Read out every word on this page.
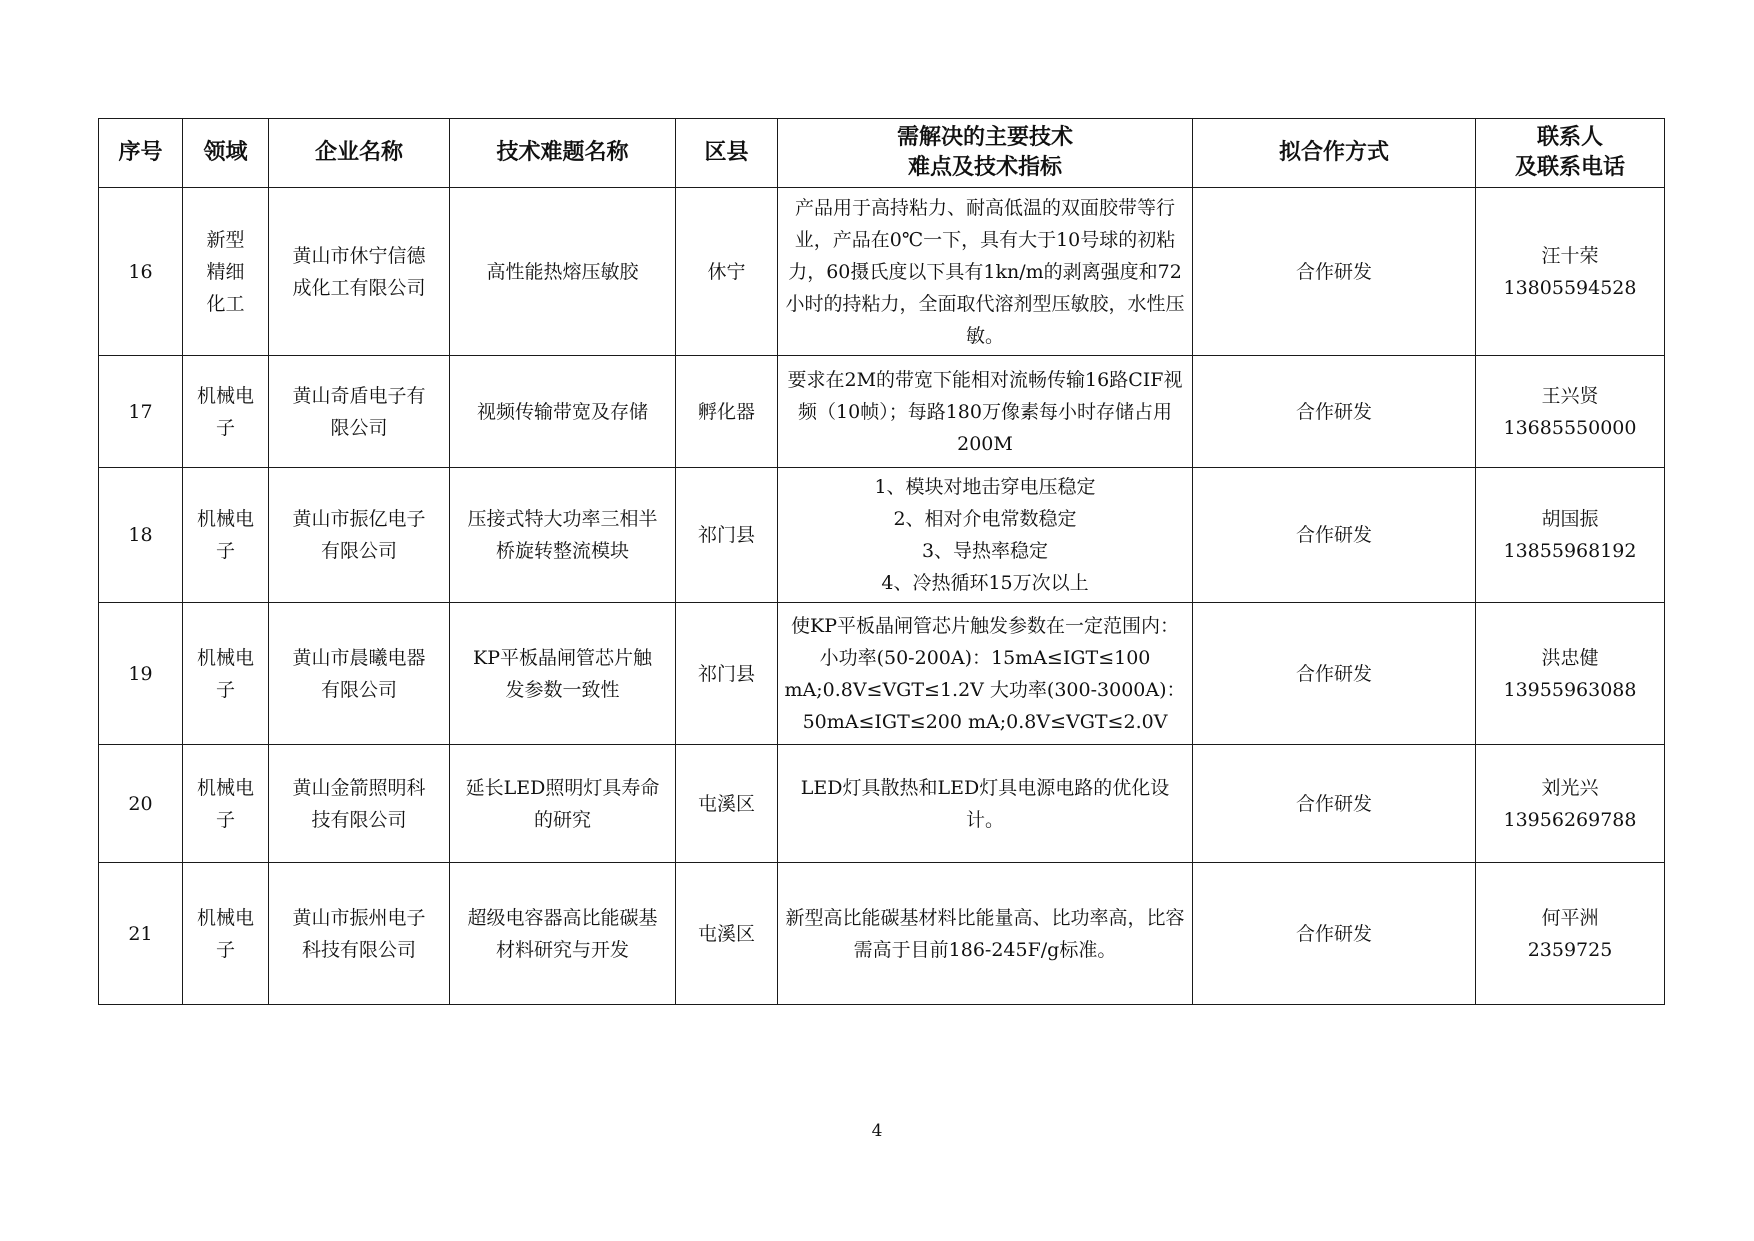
序号	领域	企业名称	技术难题名称	区县	需解决的主要技术
难点及技术指标	拟合作方式	联系人
及联系电话

16	新型
精细
化工	黄山市休宁信德
成化工有限公司	高性能热熔压敏胶	休宁	产品用于高持粘力、耐高低温的双面胶带等行业，产品在0℃一下，具有大于10号球的初粘力，60摄氏度以下具有1kn/m的剥离强度和72小时的持粘力，全面取代溶剂型压敏胶，水性压敏。	合作研发	汪十荣
13805594528

17	机械电
子	黄山奇盾电子有
限公司	视频传输带宽及存储	孵化器	要求在2M的带宽下能相对流畅传输16路CIF视频（10帧）；每路180万像素每小时存储占用200M	合作研发	王兴贤
13685550000

18	机械电
子	黄山市振亿电子
有限公司	压接式特大功率三相半
桥旋转整流模块	祁门县	1、模块对地击穿电压稳定
2、相对介电常数稳定
3、导热率稳定
4、冷热循环15万次以上	合作研发	胡国振
13855968192

19	机械电
子	黄山市晨曦电器
有限公司	KP平板晶闸管芯片触
发参数一致性	祁门县	使KP平板晶闸管芯片触发参数在一定范围内：小功率(50-200A)：15mA≤IGT≤100 mA;0.8V≤VGT≤1.2V 大功率(300-3000A)：50mA≤IGT≤200 mA;0.8V≤VGT≤2.0V	合作研发	洪忠健
13955963088

20	机械电
子	黄山金箭照明科
技有限公司	延长LED照明灯具寿命
的研究	屯溪区	LED灯具散热和LED灯具电源电路的优化设计。	合作研发	刘光兴
13956269788

21	机械电
子	黄山市振州电子
科技有限公司	超级电容器高比能碳基
材料研究与开发	屯溪区	新型高比能碳基材料比能量高、比功率高，比容需高于目前186-245F/g标准。	合作研发	何平洲
2359725
4
